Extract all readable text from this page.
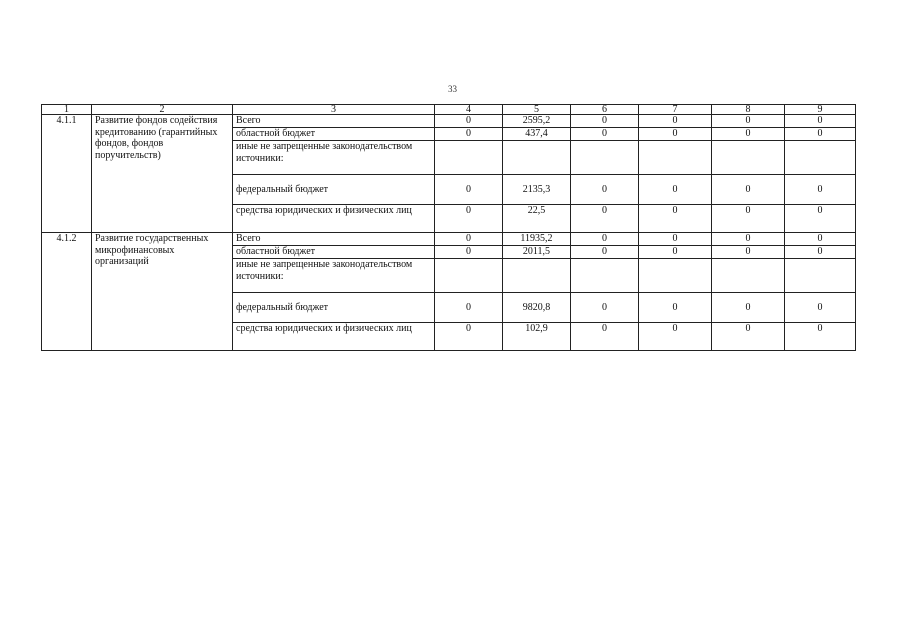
33
1	2	3	4	5	6	7	8	9
4.1.1	Развитие фондов содействия кредитованию (гарантийных фондов, фондов поручительств)	Всего	0	2595,2	0	0	0	0
		областной бюджет	0	437,4	0	0	0	0
		иные не запрещенные законодательством источники:						
		федеральный бюджет	0	2135,3	0	0	0	0
		средства юридических и физических лиц	0	22,5	0	0	0	0
4.1.2	Развитие государственных микрофинансовых организаций	Всего	0	11935,2	0	0	0	0
		областной бюджет	0	2011,5	0	0	0	0
		иные не запрещенные законодательством источники:						
		федеральный бюджет	0	9820,8	0	0	0	0
		средства юридических и физических лиц	0	102,9	0	0	0	0
